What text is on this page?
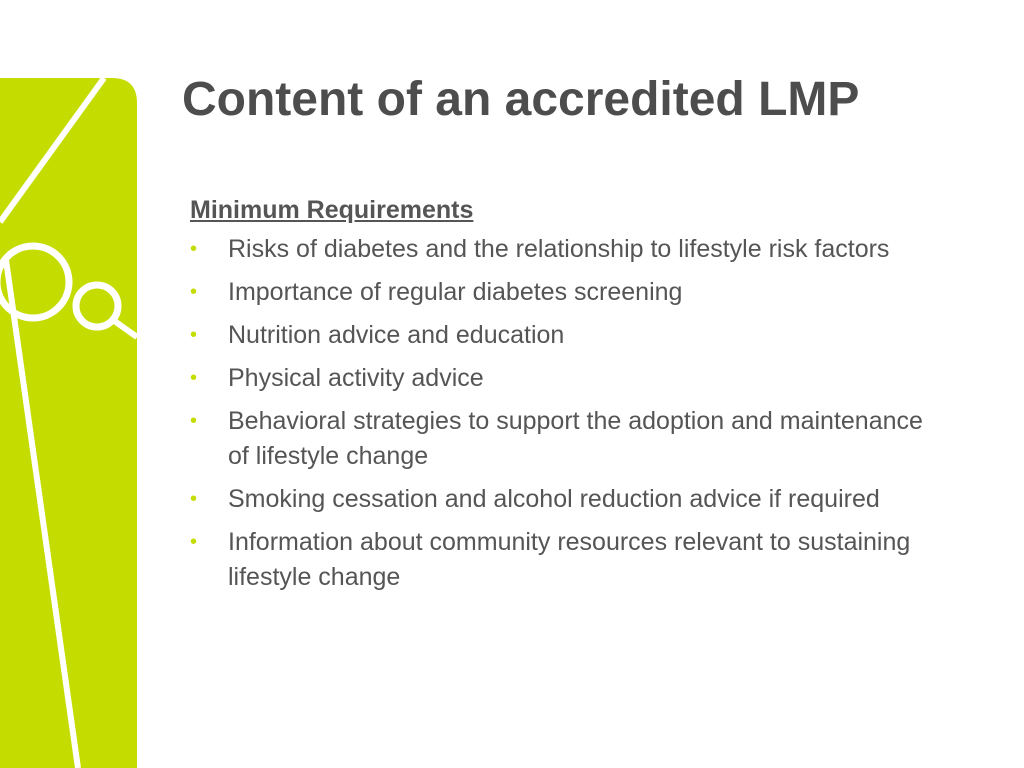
Content of an accredited LMP
Minimum Requirements
• Risks of diabetes and the relationship to lifestyle risk factors
• Importance of regular diabetes screening
• Nutrition advice and education
• Physical activity advice
• Behavioral strategies to support the adoption and maintenance of lifestyle change
• Smoking cessation and alcohol reduction advice if required
• Information about community resources relevant to sustaining lifestyle change
